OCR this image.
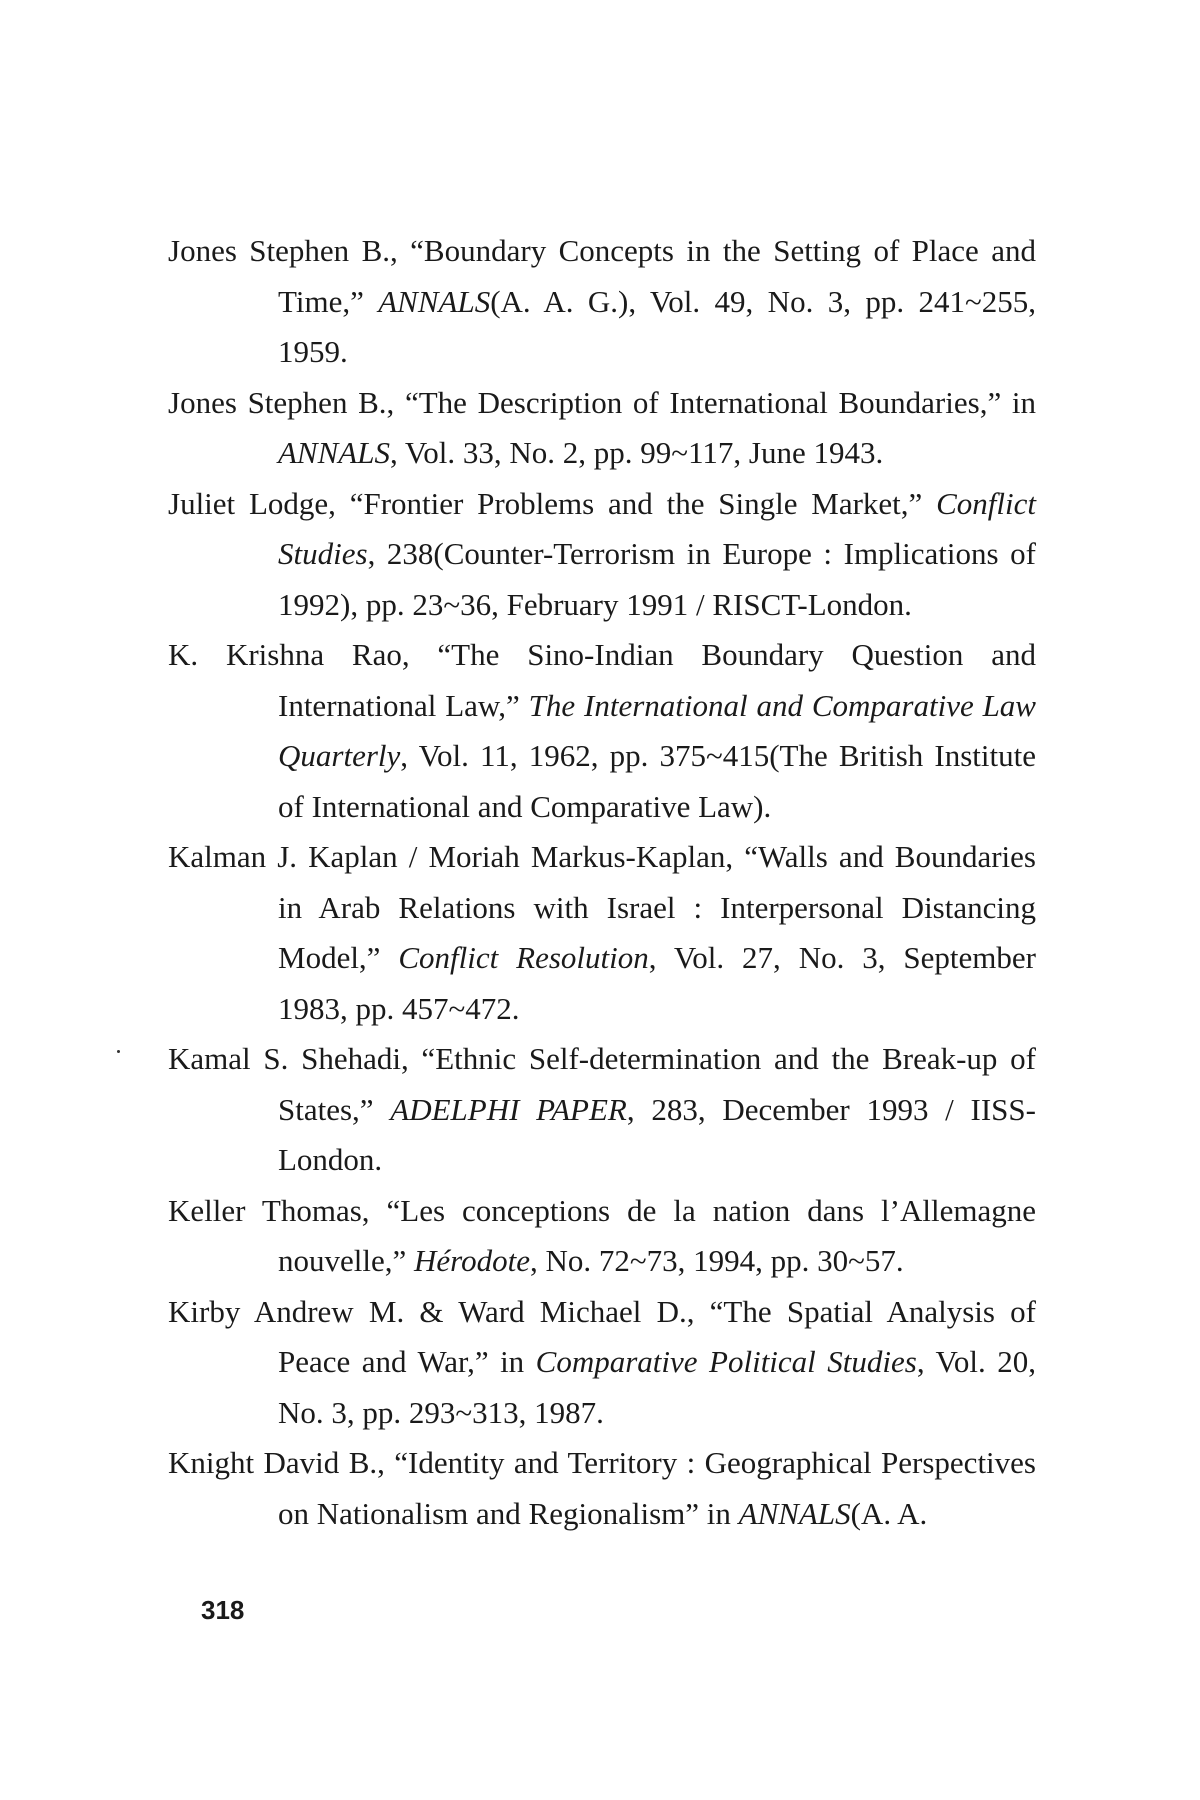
Jones Stephen B., “Boundary Concepts in the Setting of Place and Time,” ANNALS(A. A. G.), Vol. 49, No. 3, pp. 241~255, 1959.

Jones Stephen B., “The Description of International Boundaries,” in ANNALS, Vol. 33, No. 2, pp. 99~117, June 1943.

Juliet Lodge, “Frontier Problems and the Single Market,” Conflict Studies, 238(Counter-Terrorism in Europe : Implications of 1992), pp. 23~36, February 1991 / RISCT-London.

K. Krishna Rao, “The Sino-Indian Boundary Question and International Law,” The International and Comparative Law Quarterly, Vol. 11, 1962, pp. 375~415(The British Institute of International and Comparative Law).

Kalman J. Kaplan / Moriah Markus-Kaplan, “Walls and Boundaries in Arab Relations with Israel : Interpersonal Distancing Model,” Conflict Resolution, Vol. 27, No. 3, September 1983, pp. 457~472.

Kamal S. Shehadi, “Ethnic Self-determination and the Break-up of States,” ADELPHI PAPER, 283, December 1993 / IISS-London.

Keller Thomas, “Les conceptions de la nation dans l’Allemagne nouvelle,” Hérodote, No. 72~73, 1994, pp. 30~57.

Kirby Andrew M. & Ward Michael D., “The Spatial Analysis of Peace and War,” in Comparative Political Studies, Vol. 20, No. 3, pp. 293~313, 1987.

Knight David B., “Identity and Territory : Geographical Perspectives on Nationalism and Regionalism” in ANNALS(A. A.

318
